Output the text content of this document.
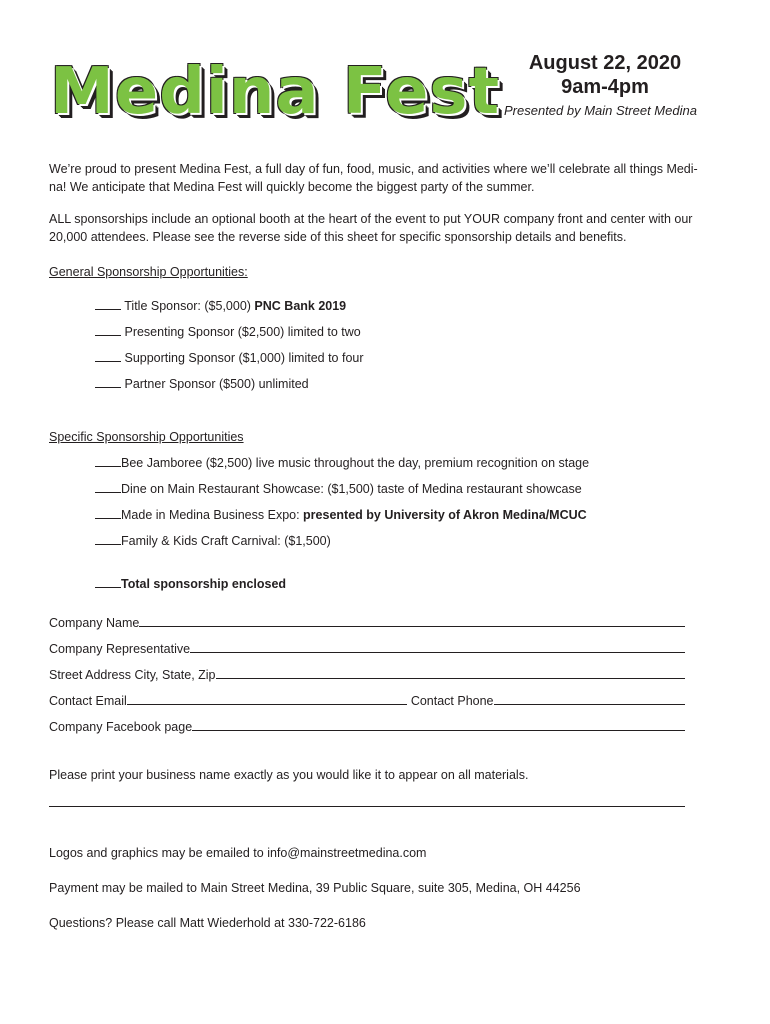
Medina Fest	August 22, 2020
9am-4pm
Presented by Main Street Medina
We’re proud to present Medina Fest, a full day of fun, food, music, and activities where we’ll celebrate all things Medi-
na! We anticipate that Medina Fest will quickly become the biggest party of the summer.
ALL sponsorships include an optional booth at the heart of the event to put YOUR company front and center with our
20,000 attendees. Please see the reverse side of this sheet for specific sponsorship details and benefits.
General Sponsorship Opportunities:
Title Sponsor: ($5,000) PNC Bank 2019
Presenting Sponsor ($2,500) limited to two
Supporting Sponsor ($1,000) limited to four
Partner Sponsor ($500) unlimited
Specific Sponsorship Opportunities
Bee Jamboree ($2,500) live music throughout the day, premium recognition on stage
Dine on Main Restaurant Showcase: ($1,500) taste of Medina restaurant showcase
Made in Medina Business Expo: presented by University of Akron Medina/MCUC
Family & Kids Craft Carnival: ($1,500)
Total sponsorship enclosed
Company Name
Company Representative
Street Address City, State, Zip
Contact Email	Contact Phone
Company Facebook page
Please print your business name exactly as you would like it to appear on all materials.
Logos and graphics may be emailed to info@mainstreetmedina.com
Payment may be mailed to Main Street Medina, 39 Public Square, suite 305, Medina, OH 44256
Questions? Please call Matt Wiederhold at 330-722-6186
